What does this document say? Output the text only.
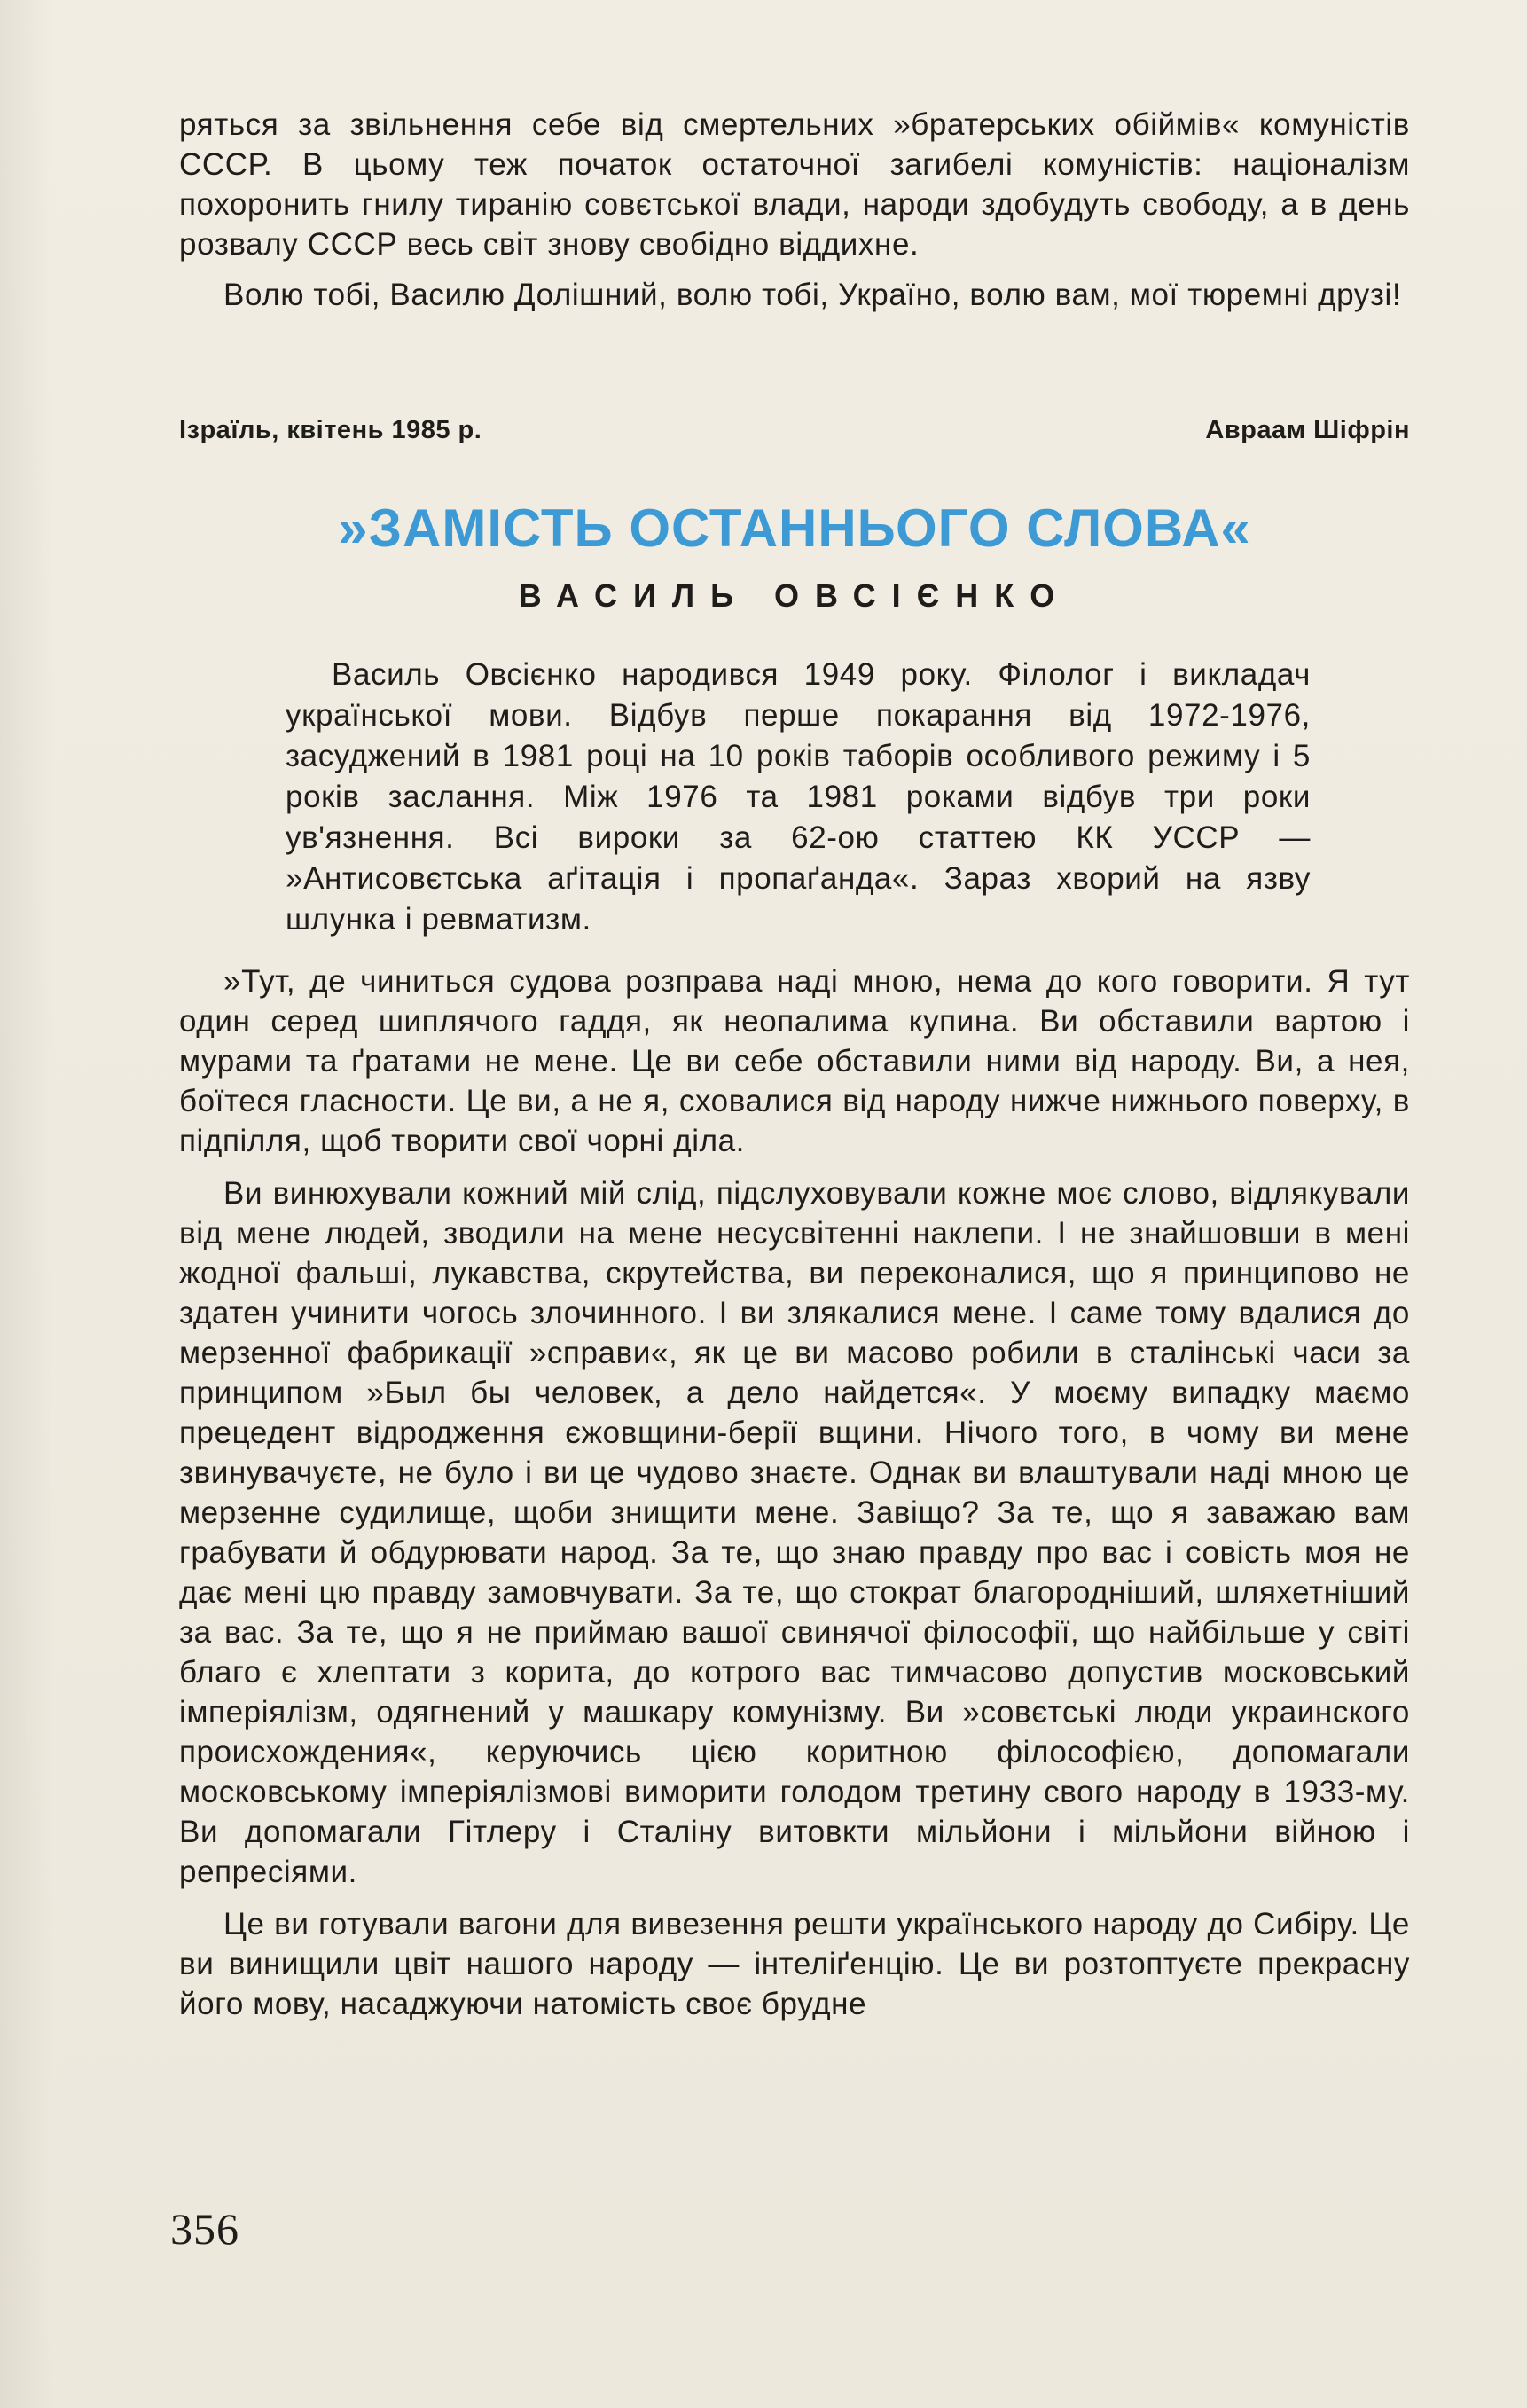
ряться за звільнення себе від смертельних »братерських обіймів« комуністів СССР. В цьому теж початок остаточної загибелі комуністів: націоналізм похоронить гнилу тиранію совєтської влади, народи здобудуть свободу, а в день розвалу СССР весь світ знову свобідно віддихне.

Волю тобі, Василю Долішний, волю тобі, Україно, волю вам, мої тюремні друзі!

Ізраїль, квітень 1985 р.	Авраам Шіфрін
»ЗАМІСТЬ ОСТАННЬОГО СЛОВА«
ВАСИЛЬ ОВСІЄНКО

Василь Овсієнко народився 1949 року. Філолог і викладач української мови. Відбув перше покарання від 1972-1976, засуджений в 1981 році на 10 років таборів особливого режиму і 5 років заслання. Між 1976 та 1981 роками відбув три роки ув'язнення. Всі вироки за 62-ою статтею КК УССР — »Антисовєтська аґітація і пропаґанда«. Зараз хворий на язву шлунка і ревматизм.

»Тут, де чиниться судова розправа наді мною, нема до кого говорити. Я тут один серед шиплячого гаддя, як неопалима купина. Ви обставили вартою і мурами та ґратами не мене. Це ви себе обставили ними від народу. Ви, а нея, боїтеся гласности. Це ви, а не я, сховалися від народу нижче нижнього поверху, в підпілля, щоб творити свої чорні діла.

Ви винюхували кожний мій слід, підслуховували кожне моє слово, відлякували від мене людей, зводили на мене несусвітенні наклепи. І не знайшовши в мені жодної фальші, лукавства, скрутейства, ви переконалися, що я принципово не здатен учинити чогось злочинного. І ви злякалися мене. І саме тому вдалися до мерзенної фабрикації »справи«, як це ви масово робили в сталінські часи за принципом »Был бы человек, а дело найдется«. У моєму випадку маємо прецедент відродження єжовщини-берії вщини. Нічого того, в чому ви мене звинувачуєте, не було і ви це чудово знаєте. Однак ви влаштували наді мною це мерзенне судилище, щоби знищити мене. Завіщо? За те, що я заважаю вам грабувати й обдурювати народ. За те, що знаю правду про вас і совість моя не дає мені цю правду замовчувати. За те, що стократ благородніший, шляхетніший за вас. За те, що я не приймаю вашої свинячої філософії, що найбільше у світі благо є хлептати з корита, до котрого вас тимчасово допустив московський імперіялізм, одягнений у машкару комунізму. Ви »совєтські люди украинского происхождения«, керуючись цією коритною філософією, допомагали московському імперіялізмові виморити голодом третину свого народу в 1933-му. Ви допомагали Гітлеру і Сталіну витовкти мільйони і мільйони війною і репресіями.

Це ви готували вагони для вивезення решти українського народу до Сибіру. Це ви винищили цвіт нашого народу — інтеліґенцію. Це ви розтоптуєте прекрасну його мову, насаджуючи натомість своє брудне

356
